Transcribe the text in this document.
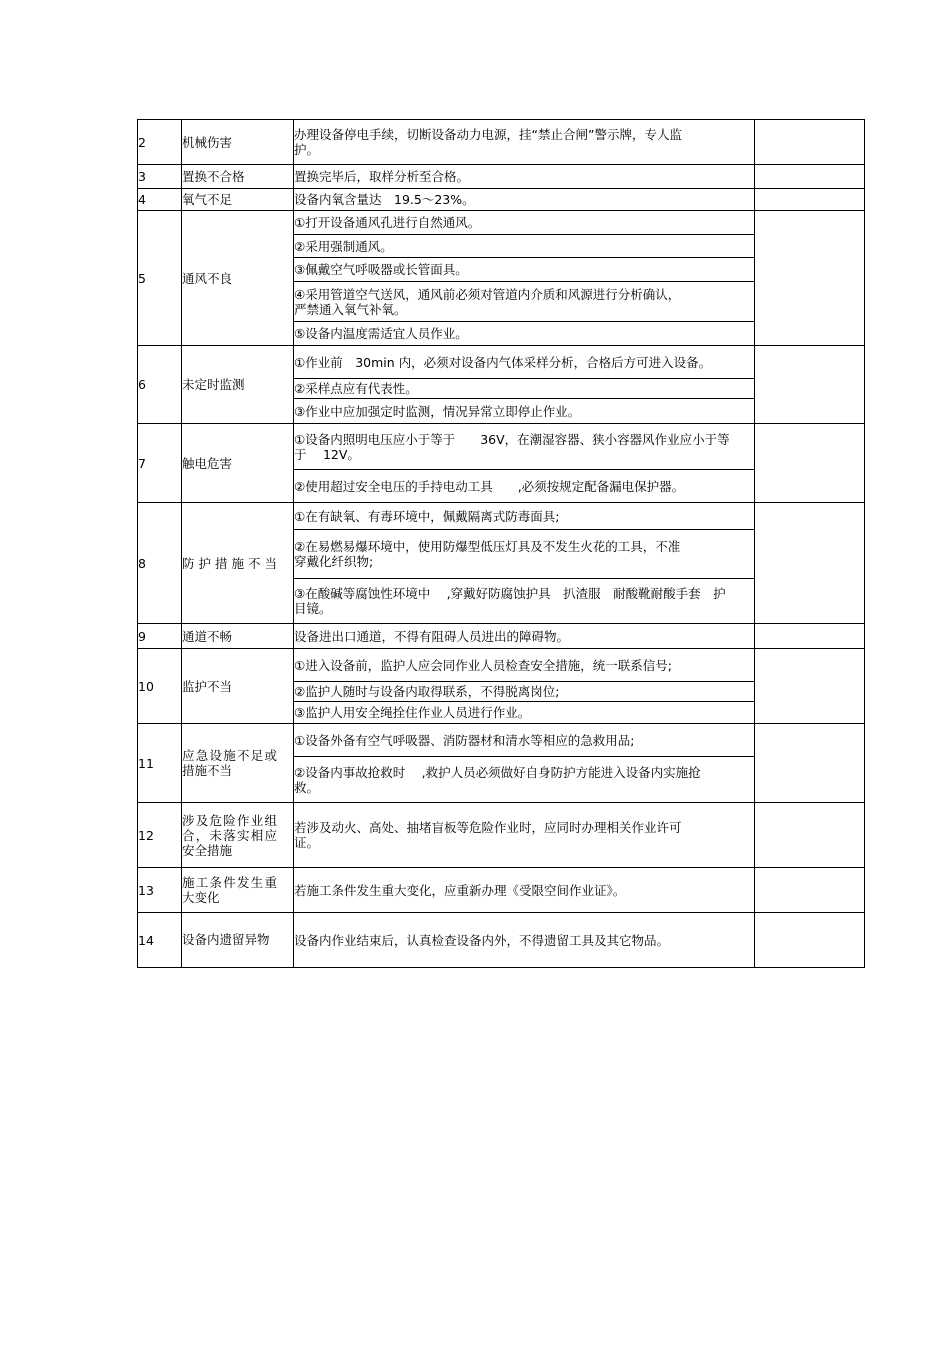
2	机械伤害	办理设备停电手续，切断设备动力电源，挂“禁止合闸”警示牌，专人监护。	

3	置换不合格	置换完毕后，取样分析至合格。	
4	氧气不足	设备内氧含量达　19.5～23%。	
5	通风不良	①打开设备通风孔进行自然通风。	
		②采用强制通风。	
		③佩戴空气呼吸器或长管面具。	

		④采用管道空气送风，通风前必须对管道内介质和风源进行分析确认，严禁通入氧气补氧。	

		⑤设备内温度需适宜人员作业。	
6	未定时监测	①作业前　30min 内，必须对设备内气体采样分析，合格后方可进入设备。	

		②采样点应有代表性。	
		③作业中应加强定时监测，情况异常立即停止作业。	
7	触电危害	①设备内照明电压应小于等于　　36V，在潮湿容器、狭小容器风作业应小于等于　 12V。	

		②使用超过安全电压的手持电动工具　　,必须按规定配备漏电保护器。	

8	防护措施不当	①在有缺氧、有毒环境中，佩戴隔离式防毒面具;	

		②在易燃易爆环境中，使用防爆型低压灯具及不发生火花的工具，不准穿戴化纤织物;	

		③在酸碱等腐蚀性环境中　 ,穿戴好防腐蚀护具　扒渣服　耐酸靴耐酸手套　护目镜。	

9	通道不畅	设备进出口通道，不得有阻碍人员进出的障碍物。	
10	监护不当	①进入设备前，监护人应会同作业人员检查安全措施，统一联系信号;	

		②监护人随时与设备内取得联系，不得脱离岗位;	
		③监护人用安全绳拴住作业人员进行作业。	
11	应急设施不足或措施不当	①设备外备有空气呼吸器、消防器材和清水等相应的急救用品;	

		②设备内事故抢救时　 ,救护人员必须做好自身防护方能进入设备内实施抢救。	

12	涉及危险作业组合，未落实相应安全措施	若涉及动火、高处、抽堵盲板等危险作业时，应同时办理相关作业许可证。	

13	施工条件发生重大变化	若施工条件发生重大变化，应重新办理《受限空间作业证》。	

14	设备内遗留异物	设备内作业结束后，认真检查设备内外，不得遗留工具及其它物品。	
